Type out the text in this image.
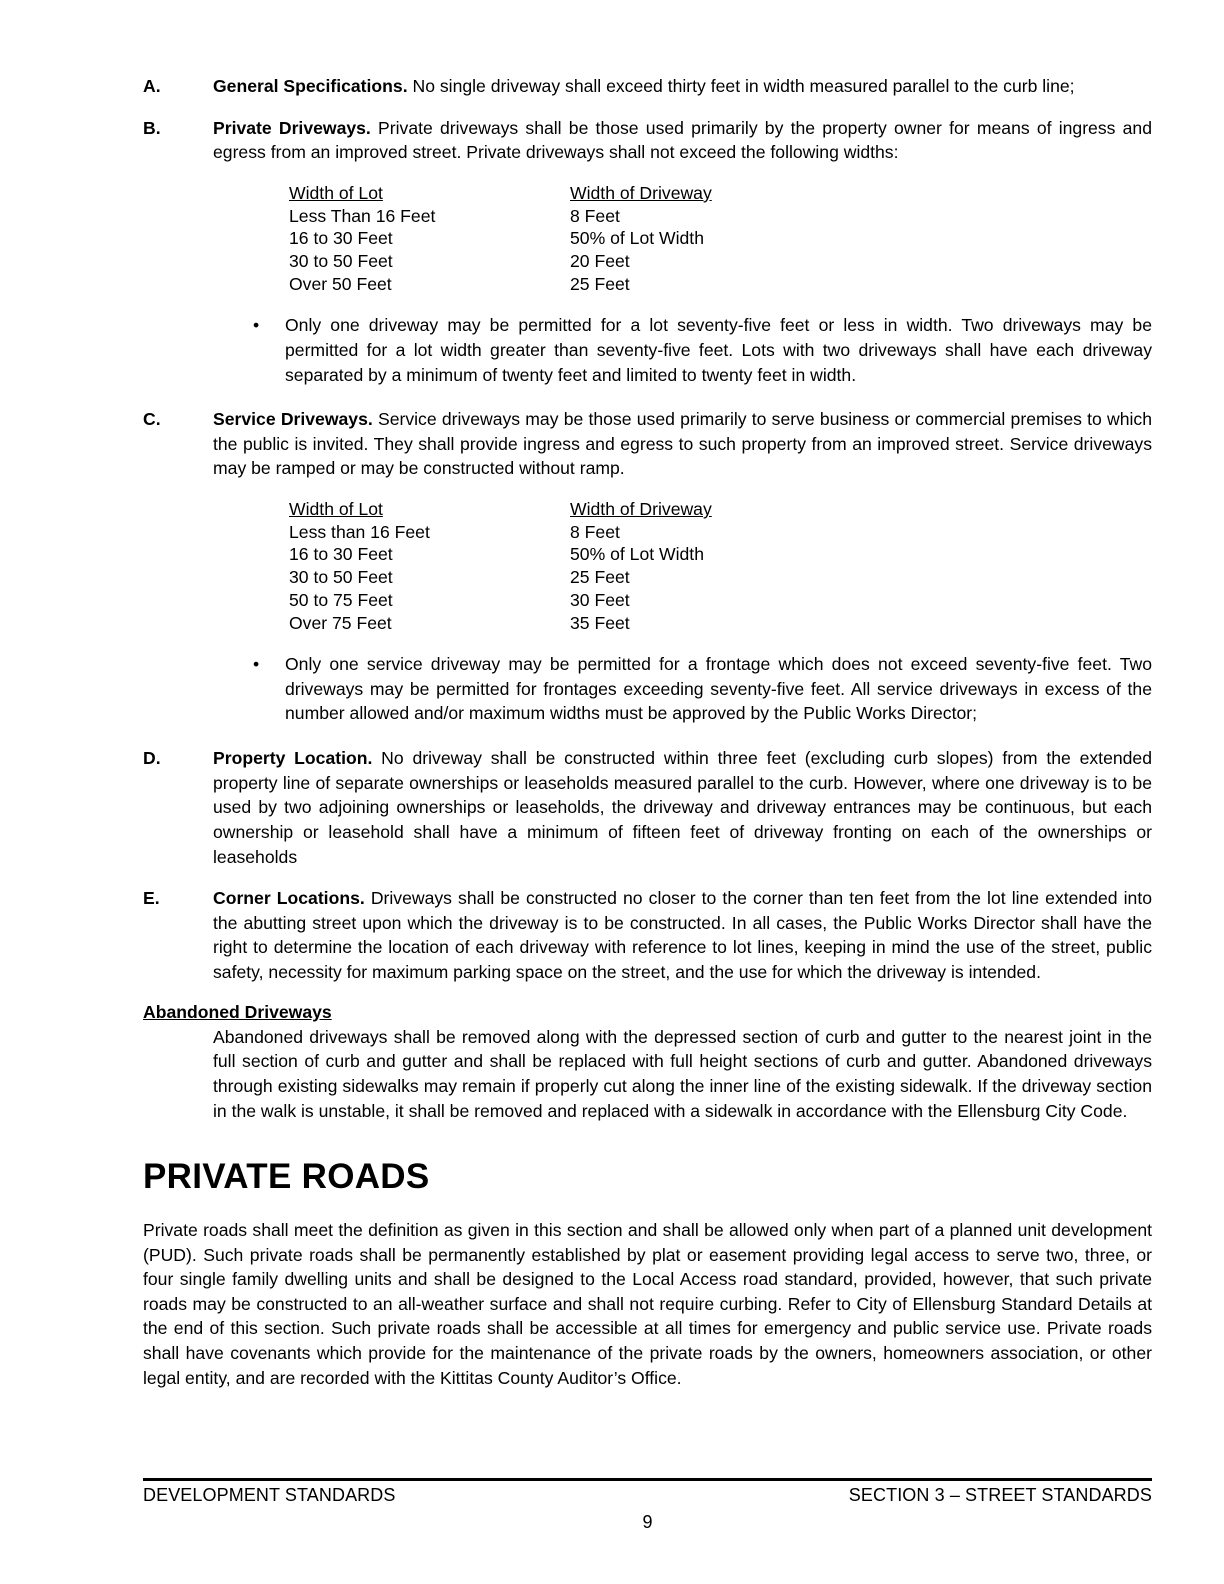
A.	General Specifications. No single driveway shall exceed thirty feet in width measured parallel to the curb line;
B.	Private Driveways. Private driveways shall be those used primarily by the property owner for means of ingress and egress from an improved street. Private driveways shall not exceed the following widths:
Width of Lot	Width of Driveway
Less Than 16 Feet	8 Feet
16 to 30 Feet	50% of Lot Width
30 to 50 Feet	20 Feet
Over 50 Feet	25 Feet
• Only one driveway may be permitted for a lot seventy-five feet or less in width. Two driveways may be permitted for a lot width greater than seventy-five feet. Lots with two driveways shall have each driveway separated by a minimum of twenty feet and limited to twenty feet in width.
C.	Service Driveways. Service driveways may be those used primarily to serve business or commercial premises to which the public is invited. They shall provide ingress and egress to such property from an improved street. Service driveways may be ramped or may be constructed without ramp.
Width of Lot	Width of Driveway
Less than 16 Feet	8 Feet
16 to 30 Feet	50% of Lot Width
30 to 50 Feet	25 Feet
50 to 75 Feet	30 Feet
Over 75 Feet	35 Feet
• Only one service driveway may be permitted for a frontage which does not exceed seventy-five feet. Two driveways may be permitted for frontages exceeding seventy-five feet. All service driveways in excess of the number allowed and/or maximum widths must be approved by the Public Works Director;
D.	Property Location. No driveway shall be constructed within three feet (excluding curb slopes) from the extended property line of separate ownerships or leaseholds measured parallel to the curb. However, where one driveway is to be used by two adjoining ownerships or leaseholds, the driveway and driveway entrances may be continuous, but each ownership or leasehold shall have a minimum of fifteen feet of driveway fronting on each of the ownerships or leaseholds
E.	Corner Locations. Driveways shall be constructed no closer to the corner than ten feet from the lot line extended into the abutting street upon which the driveway is to be constructed. In all cases, the Public Works Director shall have the right to determine the location of each driveway with reference to lot lines, keeping in mind the use of the street, public safety, necessity for maximum parking space on the street, and the use for which the driveway is intended.
Abandoned Driveways
Abandoned driveways shall be removed along with the depressed section of curb and gutter to the nearest joint in the full section of curb and gutter and shall be replaced with full height sections of curb and gutter. Abandoned driveways through existing sidewalks may remain if properly cut along the inner line of the existing sidewalk. If the driveway section in the walk is unstable, it shall be removed and replaced with a sidewalk in accordance with the Ellensburg City Code.
PRIVATE ROADS
Private roads shall meet the definition as given in this section and shall be allowed only when part of a planned unit development (PUD). Such private roads shall be permanently established by plat or easement providing legal access to serve two, three, or four single family dwelling units and shall be designed to the Local Access road standard, provided, however, that such private roads may be constructed to an all-weather surface and shall not require curbing. Refer to City of Ellensburg Standard Details at the end of this section. Such private roads shall be accessible at all times for emergency and public service use. Private roads shall have covenants which provide for the maintenance of the private roads by the owners, homeowners association, or other legal entity, and are recorded with the Kittitas County Auditor’s Office.
DEVELOPMENT STANDARDS	SECTION 3 – STREET STANDARDS
9
